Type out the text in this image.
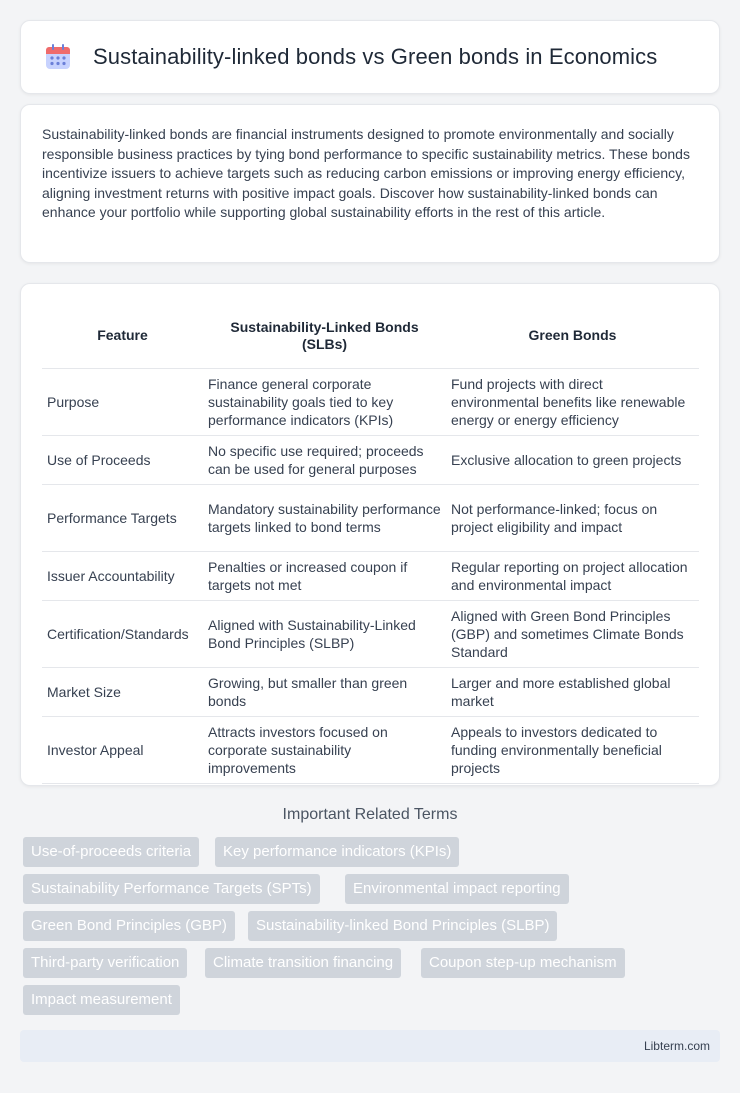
Sustainability-linked bonds vs Green bonds in Economics

Sustainability-linked bonds are financial instruments designed to promote environmentally and socially responsible business practices by tying bond performance to specific sustainability metrics. These bonds incentivize issuers to achieve targets such as reducing carbon emissions or improving energy efficiency, aligning investment returns with positive impact goals. Discover how sustainability-linked bonds can enhance your portfolio while supporting global sustainability efforts in the rest of this article.

Feature	Sustainability-Linked Bonds (SLBs)	Green Bonds
Purpose	Finance general corporate sustainability goals tied to key performance indicators (KPIs)	Fund projects with direct environmental benefits like renewable energy or energy efficiency
Use of Proceeds	No specific use required; proceeds can be used for general purposes	Exclusive allocation to green projects
Performance Targets	Mandatory sustainability performance targets linked to bond terms	Not performance-linked; focus on project eligibility and impact
Issuer Accountability	Penalties or increased coupon if targets not met	Regular reporting on project allocation and environmental impact
Certification/Standards	Aligned with Sustainability-Linked Bond Principles (SLBP)	Aligned with Green Bond Principles (GBP) and sometimes Climate Bonds Standard
Market Size	Growing, but smaller than green bonds	Larger and more established global market
Investor Appeal	Attracts investors focused on corporate sustainability improvements	Appeals to investors dedicated to funding environmentally beneficial projects
Important Related Terms
Use-of-proceeds criteria	Key performance indicators (KPIs)
Sustainability Performance Targets (SPTs)	Environmental impact reporting
Green Bond Principles (GBP)	Sustainability-linked Bond Principles (SLBP)
Third-party verification	Climate transition financing	Coupon step-up mechanism
Impact measurement
Libterm.com
